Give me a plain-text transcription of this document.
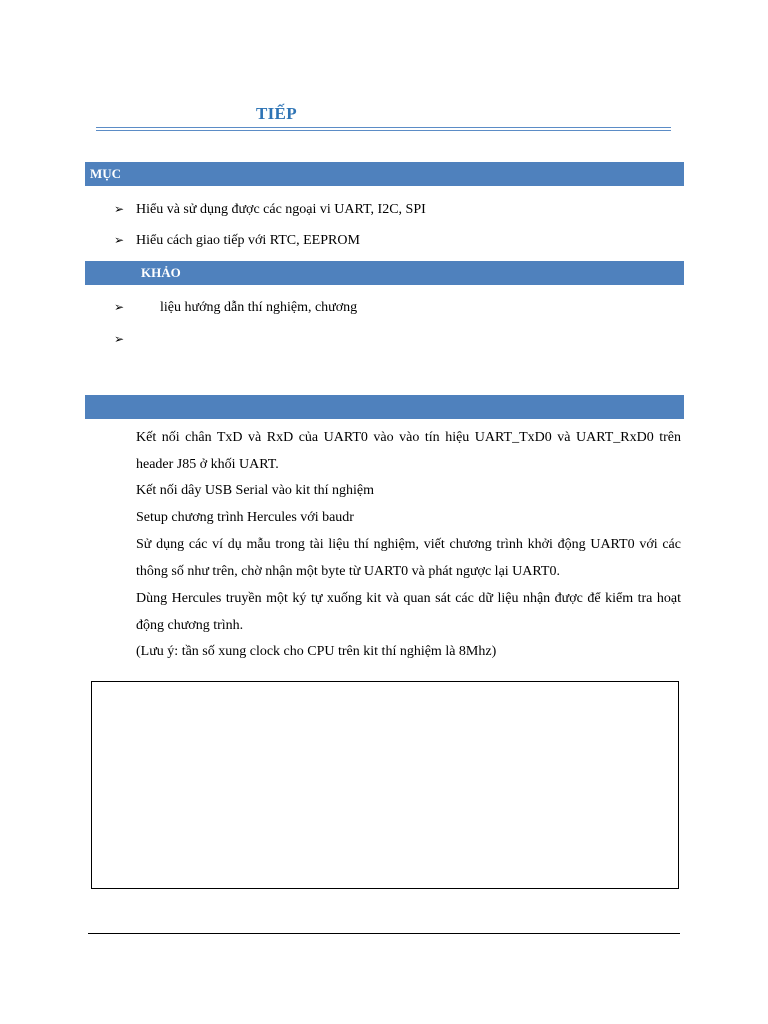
TIẾP
MỤC
➢ Hiểu và sử dụng được các ngoại vi UART, I2C, SPI
➢ Hiểu cách giao tiếp với RTC, EEPROM
KHẢO
➢	liệu hướng dẫn thí nghiệm, chương
➢
Kết nối chân TxD và RxD của UART0 vào vào tín hiệu UART_TxD0 và UART_RxD0 trên header J85 ở khối UART.
Kết nối dây USB Serial vào kit thí nghiệm
Setup chương trình Hercules với baudr
Sử dụng các ví dụ mẫu trong tài liệu thí nghiệm, viết chương trình khởi động UART0 với các thông số như trên, chờ nhận một byte từ UART0 và phát ngược lại UART0.
Dùng Hercules truyền một ký tự xuống kit và quan sát các dữ liệu nhận được để kiểm tra hoạt động chương trình.
(Lưu ý: tần số xung clock cho CPU trên kit thí nghiệm là 8Mhz)
